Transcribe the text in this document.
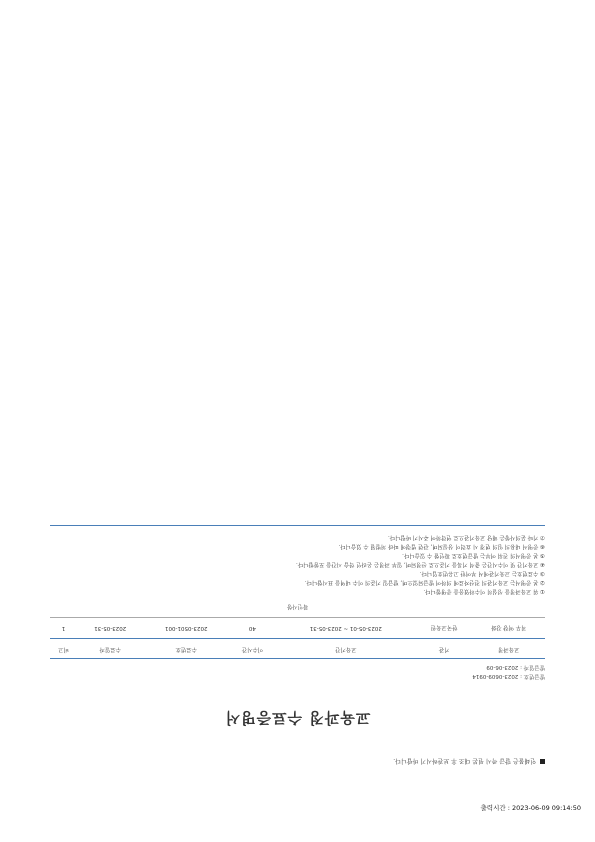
인쇄물은 발급 즉시 원본 대조 후 보관하시기 바랍니다.
교육과정 수료증명서
발급번호 : 2023-0609-0914
발급일자 : 2023-06-09
교육과정	기관	교육기간	이수시간	수료번호	수료일자	비고
직무 역량 강화	한국교육원	2023-05-01 ~ 2023-05-31	40	2023-0501-001	2023-05-31	1
확인사항
① 위 교육과정을 성실히 이수하였음을 증명합니다.
② 본 증명서는 교육기관의 전산자료에 의하여 발급되었으며, 발급일 기준의 이수 내역을 표시합니다.
③ 수료번호는 교육기관에서 부여한 고유번호입니다.
④ 교육기간 및 이수시간은 출석 기록을 기준으로 산정되며, 일부 과정은 온라인 학습 시간을 포함합니다.
⑤ 본 증명서의 진위 여부는 발급번호로 확인할 수 있습니다.
⑥ 증명서 내용의 임의 변경 시 효력이 상실되며, 관련 법령에 따라 처벌될 수 있습니다.
⑦ 기타 문의사항은 해당 교육기관으로 연락하여 주시기 바랍니다.
출력시간 : 2023-06-09 09:14:50
